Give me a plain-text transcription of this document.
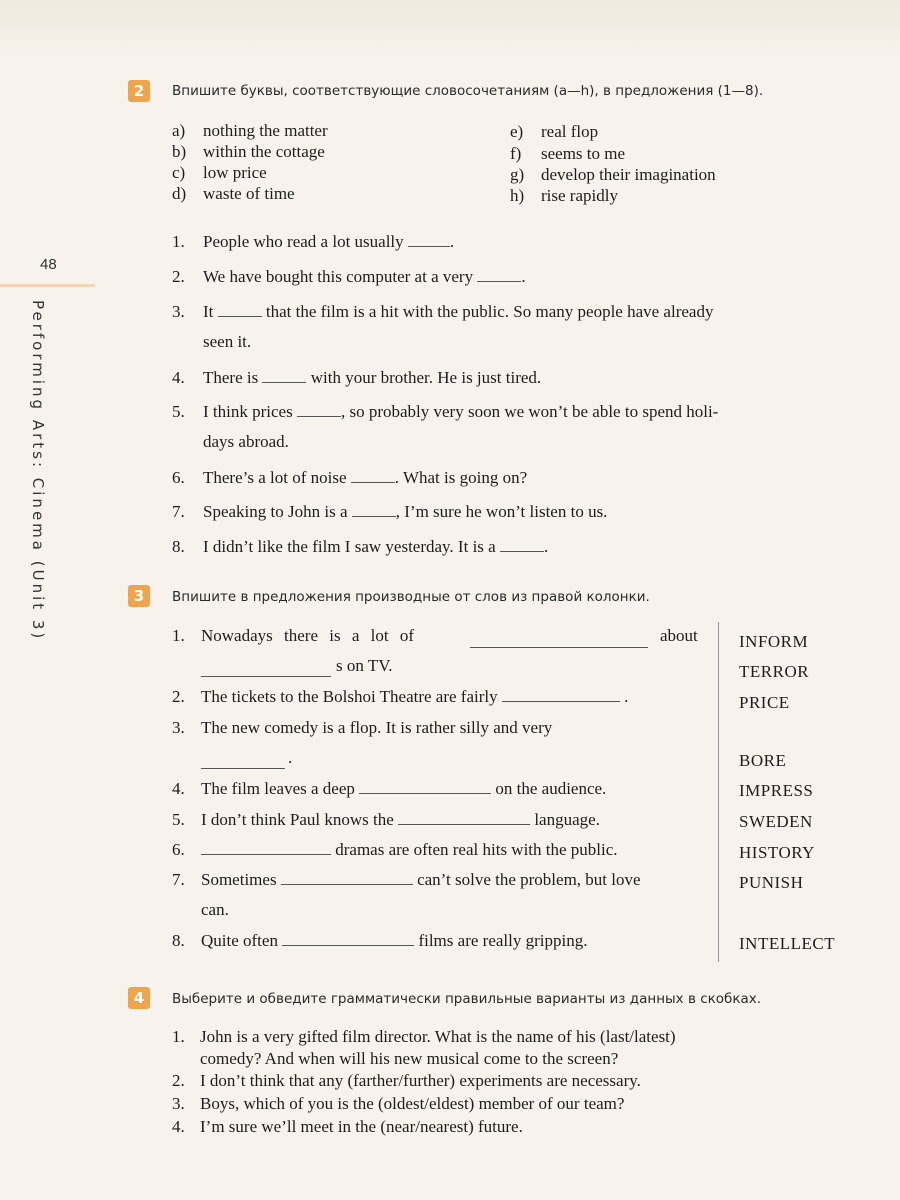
48
Performing Arts: Cinema (Unit 3)
2	Впишите буквы, соответствующие словосочетаниям (a—h), в предложения (1—8).
a) nothing the matter
b) within the cottage
c) low price
d) waste of time
e) real flop
f) seems to me
g) develop their imagination
h) rise rapidly
1. People who read a lot usually	.
2. We have bought this computer at a very	.
3. It	that the film is a hit with the public. So many people have already
seen it.
4. There is	with your brother. He is just tired.
5. I think prices	, so probably very soon we won’t be able to spend holi-
days abroad.
6. There’s a lot of noise	. What is going on?
7. Speaking to John is a	, I’m sure he won’t listen to us.
8. I didn’t like the film I saw yesterday. It is a	.
3	Впишите в предложения производные от слов из правой колонки.
1. Nowadays there is a lot of	about
s on TV.
2. The tickets to the Bolshoi Theatre are fairly	.
3. The new comedy is a flop. It is rather silly and very
.
4. The film leaves a deep	on the audience.
5. I don’t think Paul knows the	language.
6.	dramas are often real hits with the public.
7. Sometimes	can’t solve the problem, but love
can.
8. Quite often	films are really gripping.
INFORM
TERROR
PRICE
BORE
IMPRESS
SWEDEN
HISTORY
PUNISH
INTELLECT
4	Выберите и обведите грамматически правильные варианты из данных в скобках.
1. John is a very gifted film director. What is the name of his (last/latest)
comedy? And when will his new musical come to the screen?
2. I don’t think that any (farther/further) experiments are necessary.
3. Boys, which of you is the (oldest/eldest) member of our team?
4. I’m sure we’ll meet in the (near/nearest) future.
